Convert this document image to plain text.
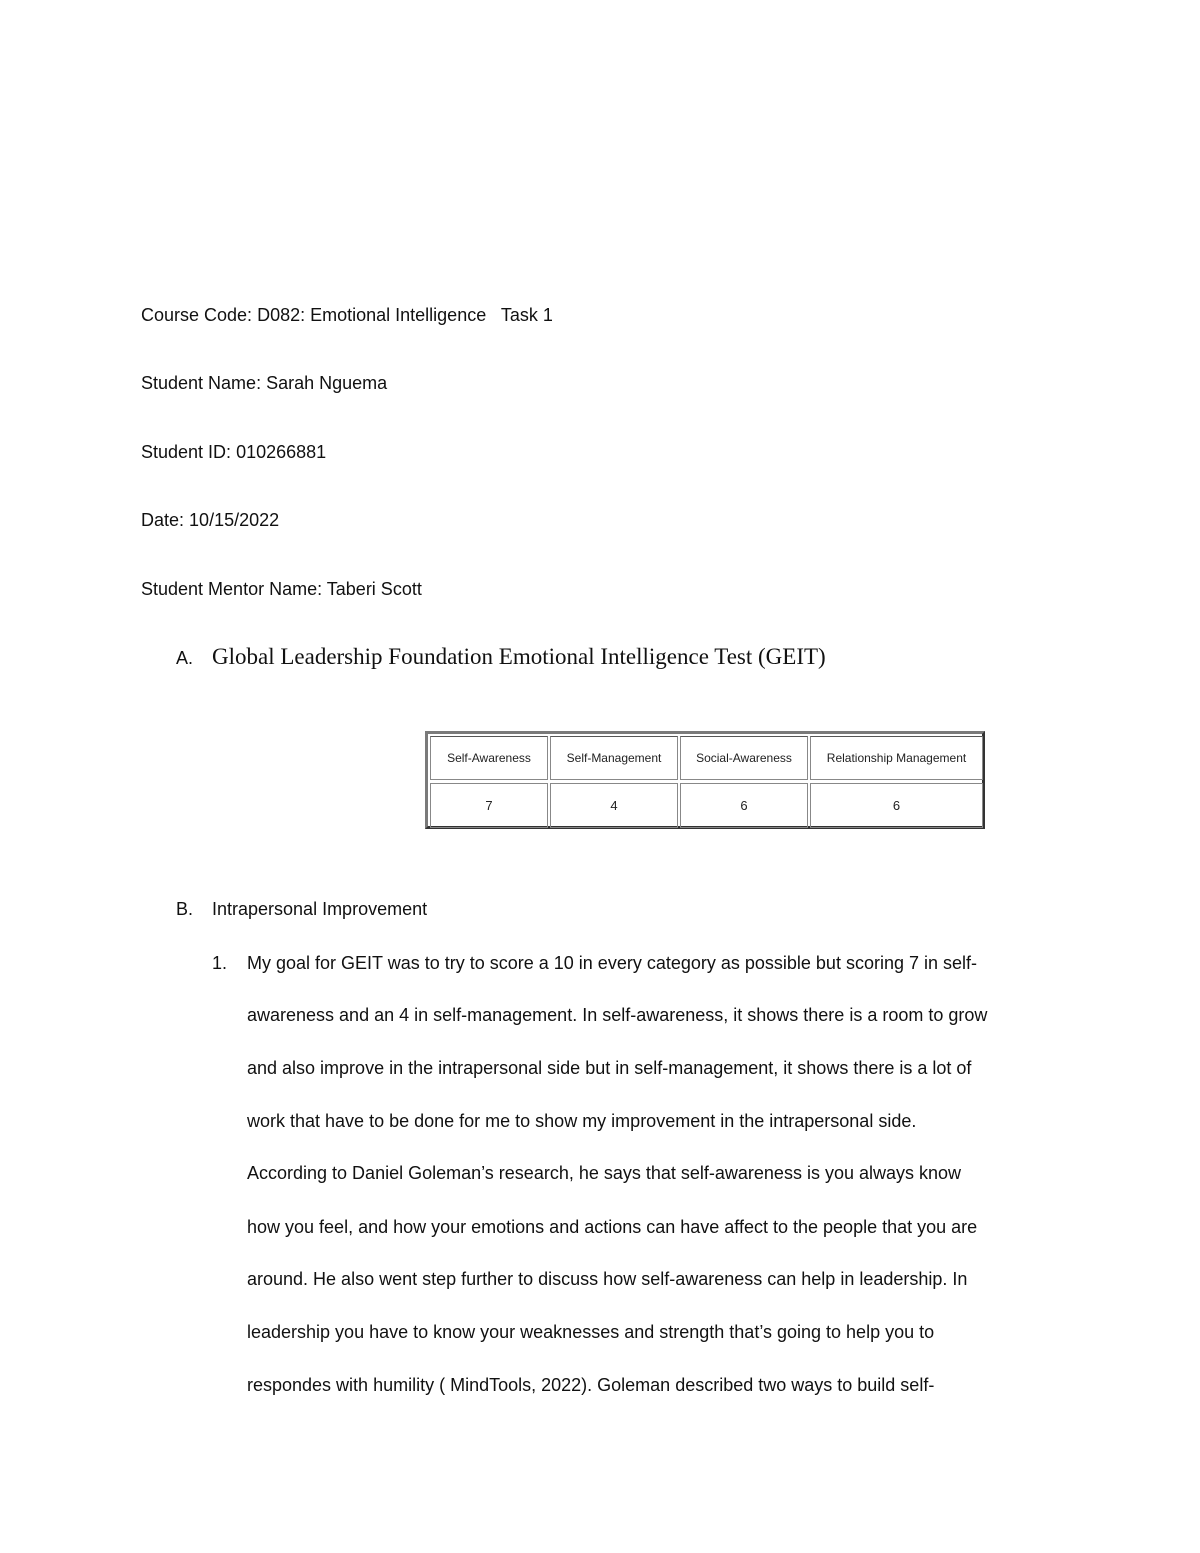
Course Code: D082: Emotional Intelligence   Task 1
Student Name: Sarah Nguema
Student ID: 010266881
Date: 10/15/2022
Student Mentor Name: Taberi Scott
A. Global Leadership Foundation Emotional Intelligence Test (GEIT)
Self-Awareness	Self-Management	Social-Awareness	Relationship Management
7	4	6	6
B. Intrapersonal Improvement
1. My goal for GEIT was to try to score a 10 in every category as possible but scoring 7 in self-
awareness and an 4 in self-management. In self-awareness, it shows there is a room to grow
and also improve in the intrapersonal side but in self-management, it shows there is a lot of
work that have to be done for me to show my improvement in the intrapersonal side.
According to Daniel Goleman’s research, he says that self-awareness is you always know
how you feel, and how your emotions and actions can have affect to the people that you are
around. He also went step further to discuss how self-awareness can help in leadership. In
leadership you have to know your weaknesses and strength that’s going to help you to
respondes with humility ( MindTools, 2022). Goleman described two ways to build self-
